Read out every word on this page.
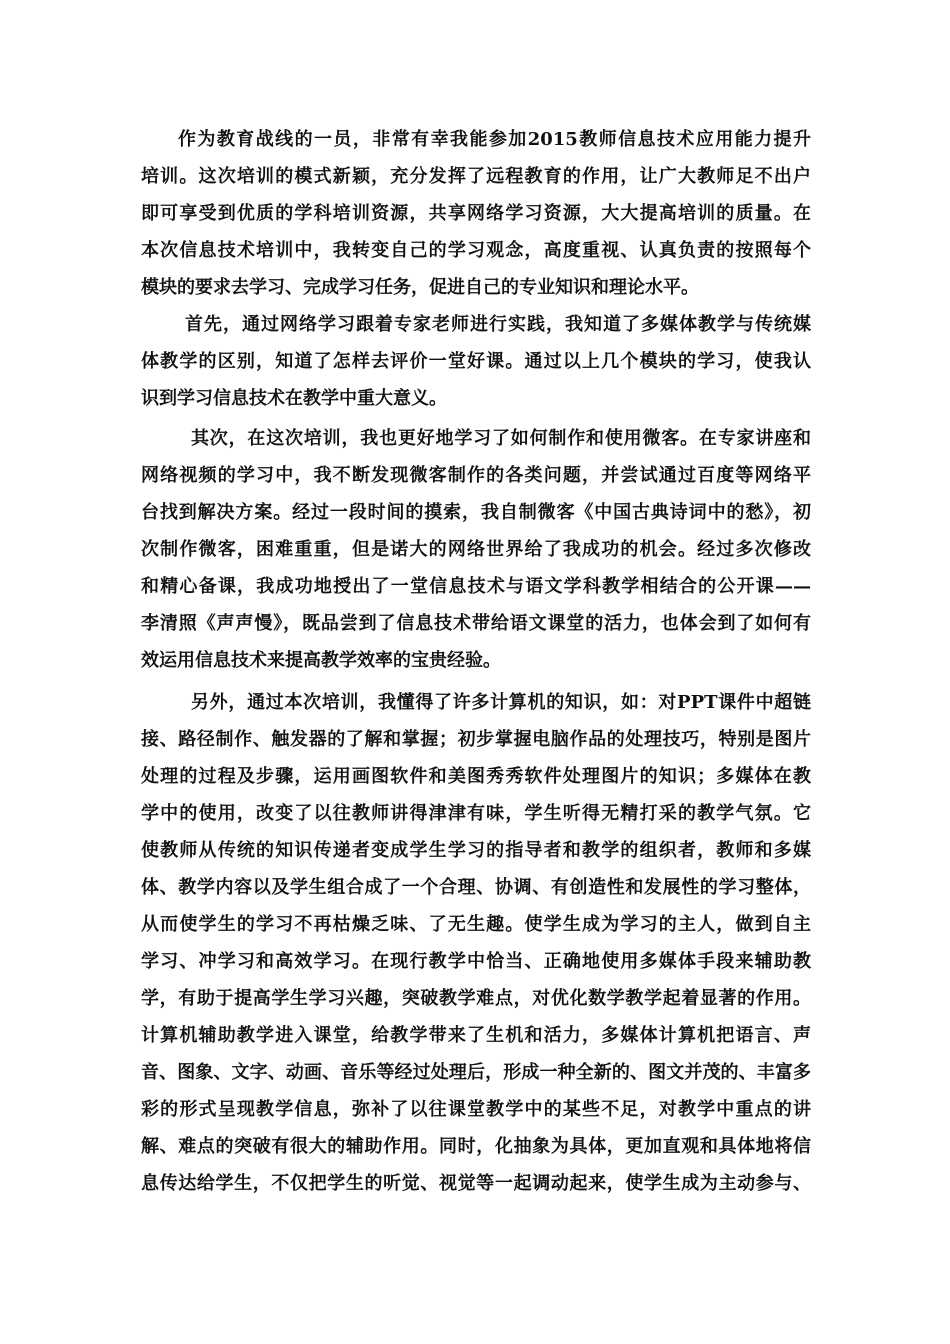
作为教育战线的一员，非常有幸我能参加2015教师信息技术应用能力提升
培训。这次培训的模式新颖，充分发挥了远程教育的作用，让广大教师足不出户
即可享受到优质的学科培训资源，共享网络学习资源，大大提高培训的质量。在
本次信息技术培训中，我转变自己的学习观念，高度重视、认真负责的按照每个
模块的要求去学习、完成学习任务，促进自己的专业知识和理论水平。
首先，通过网络学习跟着专家老师进行实践，我知道了多媒体教学与传统媒
体教学的区别，知道了怎样去评价一堂好课。通过以上几个模块的学习，使我认
识到学习信息技术在教学中重大意义。
其次，在这次培训，我也更好地学习了如何制作和使用微客。在专家讲座和
网络视频的学习中，我不断发现微客制作的各类问题，并尝试通过百度等网络平
台找到解决方案。经过一段时间的摸索，我自制微客《中国古典诗词中的愁》，初
次制作微客，困难重重，但是诺大的网络世界给了我成功的机会。经过多次修改
和精心备课，我成功地授出了一堂信息技术与语文学科教学相结合的公开课——
李清照《声声慢》，既品尝到了信息技术带给语文课堂的活力，也体会到了如何有
效运用信息技术来提高教学效率的宝贵经验。
另外，通过本次培训，我懂得了许多计算机的知识，如：对PPT课件中超链
接、路径制作、触发器的了解和掌握；初步掌握电脑作品的处理技巧，特别是图片
处理的过程及步骤，运用画图软件和美图秀秀软件处理图片的知识；多媒体在教
学中的使用，改变了以往教师讲得津津有味，学生听得无精打采的教学气氛。它
使教师从传统的知识传递者变成学生学习的指导者和教学的组织者，教师和多媒
体、教学内容以及学生组合成了一个合理、协调、有创造性和发展性的学习整体，
从而使学生的学习不再枯燥乏味、了无生趣。使学生成为学习的主人，做到自主
学习、冲学习和高效学习。在现行教学中恰当、正确地使用多媒体手段来辅助教
学，有助于提高学生学习兴趣，突破教学难点，对优化数学教学起着显著的作用。
计算机辅助教学进入课堂，给教学带来了生机和活力，多媒体计算机把语言、声
音、图象、文字、动画、音乐等经过处理后，形成一种全新的、图文并茂的、丰富多
彩的形式呈现教学信息，弥补了以往课堂教学中的某些不足，对教学中重点的讲
解、难点的突破有很大的辅助作用。同时，化抽象为具体，更加直观和具体地将信
息传达给学生，不仅把学生的听觉、视觉等一起调动起来，使学生成为主动参与、
